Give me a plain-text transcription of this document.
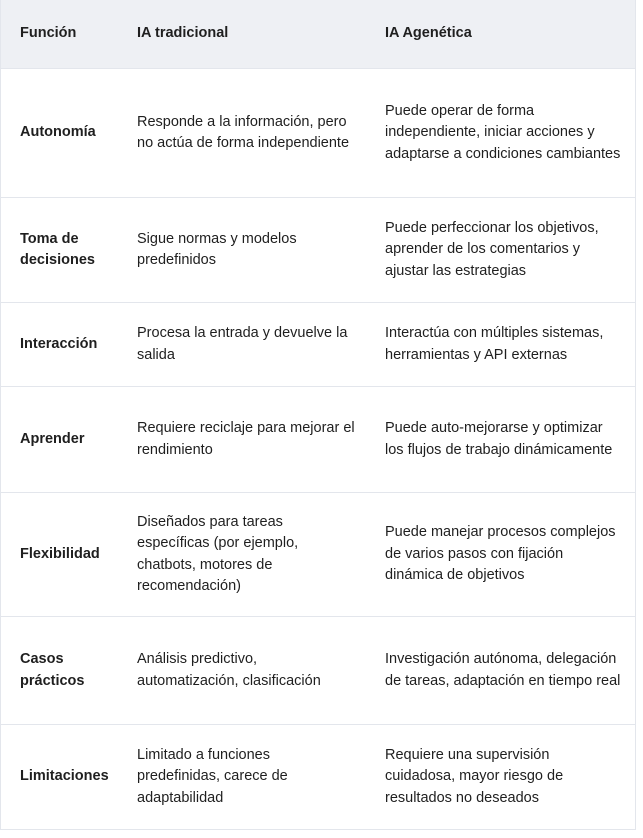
Función	IA tradicional	IA Agenética
Autonomía
Responde a la información, pero no actúa de forma independiente
Puede operar de forma independiente, iniciar acciones y adaptarse a condiciones cambiantes
Toma de decisiones
Sigue normas y modelos predefinidos
Puede perfeccionar los objetivos, aprender de los comentarios y ajustar las estrategias
Interacción
Procesa la entrada y devuelve la salida
Interactúa con múltiples sistemas, herramientas y API externas
Aprender
Requiere reciclaje para mejorar el rendimiento
Puede auto-mejorarse y optimizar los flujos de trabajo dinámicamente
Flexibilidad
Diseñados para tareas específicas (por ejemplo, chatbots, motores de recomendación)
Puede manejar procesos complejos de varios pasos con fijación dinámica de objetivos
Casos prácticos
Análisis predictivo, automatización, clasificación
Investigación autónoma, delegación de tareas, adaptación en tiempo real
Limitaciones
Limitado a funciones predefinidas, carece de adaptabilidad
Requiere una supervisión cuidadosa, mayor riesgo de resultados no deseados
